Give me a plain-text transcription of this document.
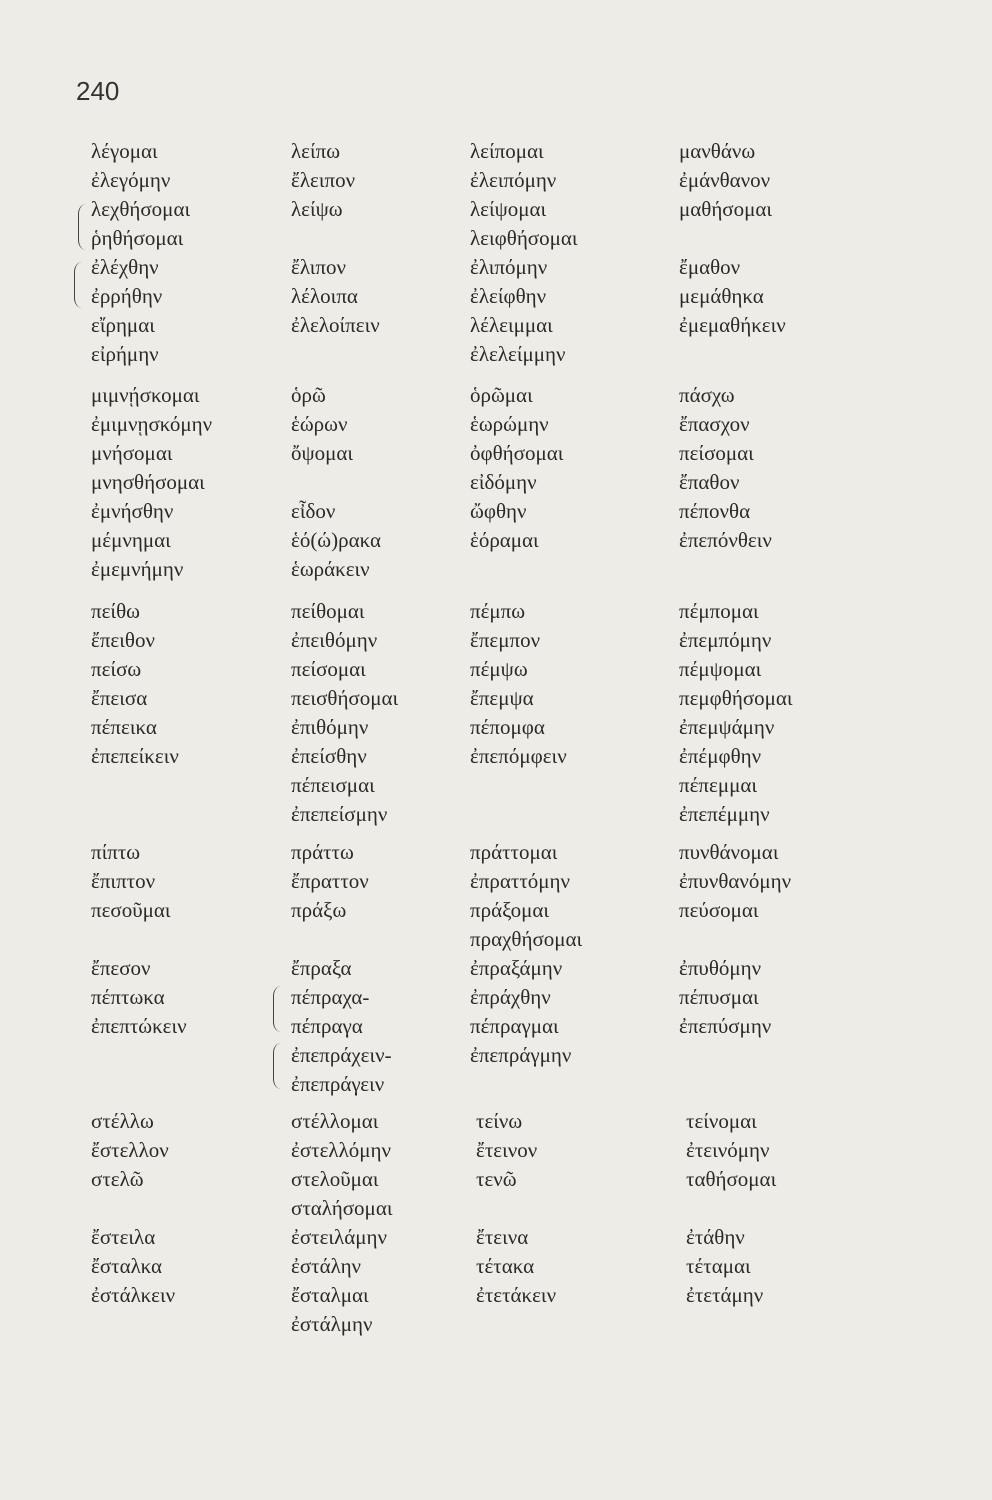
240
λέγομαι
ἐλεγόμην
λεχθήσομαι
ῥηθήσομαι
ἐλέχθην
ἐρρήθην
εἴρημαι
εἰρήμην
λείπω
ἔλειπον
λείψω
ἔλιπον
λέλοιπα
ἐλελοίπειν
λείπομαι
ἐλειπόμην
λείψομαι
λειφθήσομαι
ἐλιπόμην
ἐλείφθην
λέλειμμαι
ἐλελείμμην
μανθάνω
ἐμάνθανον
μαθήσομαι
ἔμαθον
μεμάθηκα
ἐμεμαθήκειν
μιμνῄσκομαι
ἐμιμνῃσκόμην
μνήσομαι
μνησθήσομαι
ἐμνήσθην
μέμνημαι
ἐμεμνήμην
ὁρῶ
ἑώρων
ὄψομαι
εἶδον
ἑό(ώ)ρακα
ἑωράκειν
ὁρῶμαι
ἑωρώμην
ὀφθήσομαι
εἰδόμην
ὤφθην
ἑόραμαι
πάσχω
ἔπασχον
πείσομαι
ἔπαθον
πέπονθα
ἐπεπόνθειν
πείθω
ἔπειθον
πείσω
ἔπεισα
πέπεικα
ἐπεπείκειν
πείθομαι
ἐπειθόμην
πείσομαι
πεισθήσομαι
ἐπιθόμην
ἐπείσθην
πέπεισμαι
ἐπεπείσμην
πέμπω
ἔπεμπον
πέμψω
ἔπεμψα
πέπομφα
ἐπεπόμφειν
πέμπομαι
ἐπεμπόμην
πέμψομαι
πεμφθήσομαι
ἐπεμψάμην
ἐπέμφθην
πέπεμμαι
ἐπεπέμμην
πίπτω
ἔπιπτον
πεσοῦμαι
ἔπεσον
πέπτωκα
ἐπεπτώκειν
πράττω
ἔπραττον
πράξω
ἔπραξα
πέπραχα-
πέπραγα
ἐπεπράχειν-
ἐπεπράγειν
πράττομαι
ἐπραττόμην
πράξομαι
πραχθήσομαι
ἐπραξάμην
ἐπράχθην
πέπραγμαι
ἐπεπράγμην
πυνθάνομαι
ἐπυνθανόμην
πεύσομαι
ἐπυθόμην
πέπυσμαι
ἐπεπύσμην
στέλλω
ἔστελλον
στελῶ
ἔστειλα
ἔσταλκα
ἐστάλκειν
στέλλομαι
ἐστελλόμην
στελοῦμαι
σταλήσομαι
ἐστειλάμην
ἐστάλην
ἔσταλμαι
ἐστάλμην
τείνω
ἔτεινον
τενῶ
ἔτεινα
τέτακα
ἐτετάκειν
τείνομαι
ἐτεινόμην
ταθήσομαι
ἐτάθην
τέταμαι
ἐτετάμην
